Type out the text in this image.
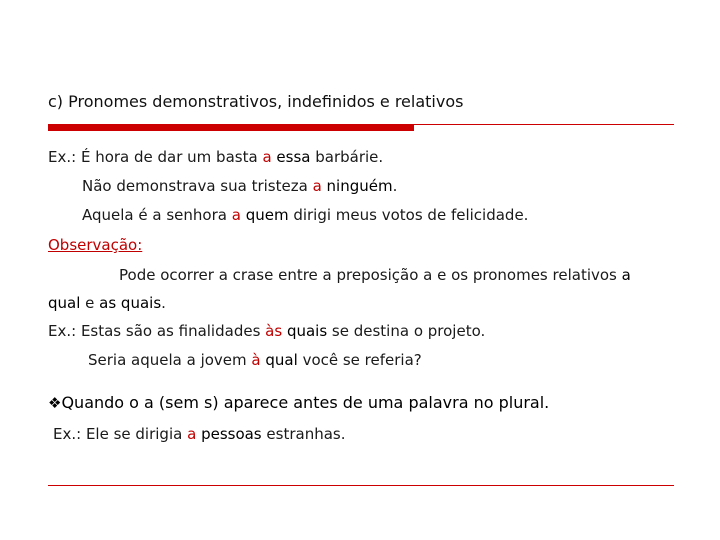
c) Pronomes demonstrativos, indefinidos e relativos
Ex.: É hora de dar um basta a essa barbárie.
Não demonstrava sua tristeza a ninguém.
Aquela é a senhora a quem dirigi meus votos de felicidade.
Observação:
Pode ocorrer a crase entre a preposição a e os pronomes relativos a
qual e as quais.
Ex.: Estas são as finalidades às quais se destina o projeto.
Seria aquela a jovem à qual você se referia?
❖Quando o a (sem s) aparece antes de uma palavra no plural.
Ex.: Ele se dirigia a pessoas estranhas.
